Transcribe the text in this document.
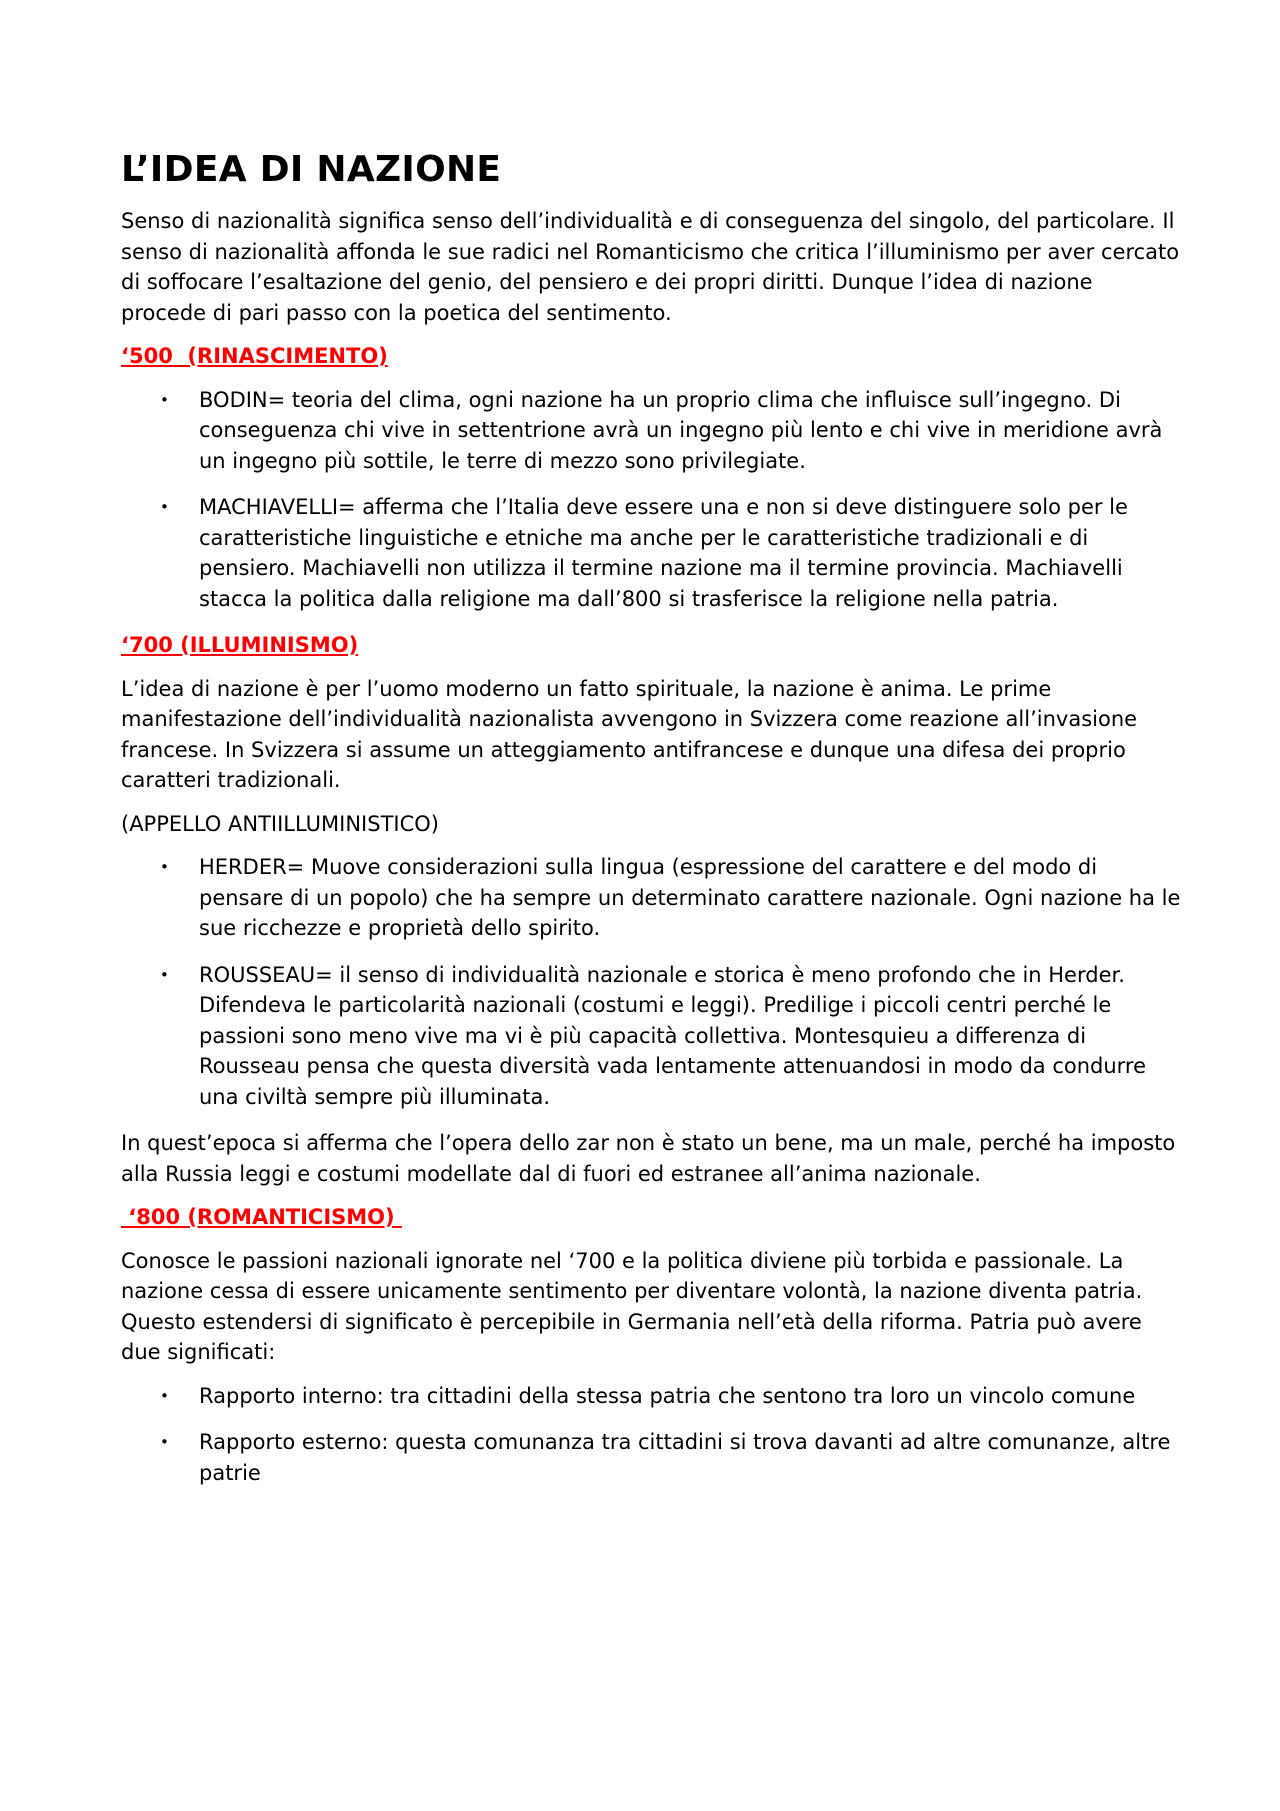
L’IDEA DI NAZIONE

Senso di nazionalità significa senso dell’individualità e di conseguenza del singolo, del particolare. Il senso di nazionalità affonda le sue radici nel Romanticismo che critica l’illuminismo per aver cercato di soffocare l’esaltazione del genio, del pensiero e dei propri diritti. Dunque l’idea di nazione procede di pari passo con la poetica del sentimento.

‘500  (RINASCIMENTO)
• BODIN= teoria del clima, ogni nazione ha un proprio clima che influisce sull’ingegno. Di conseguenza chi vive in settentrione avrà un ingegno più lento e chi vive in meridione avrà un ingegno più sottile, le terre di mezzo sono privilegiate.
• MACHIAVELLI= afferma che l’Italia deve essere una e non si deve distinguere solo per le caratteristiche linguistiche e etniche ma anche per le caratteristiche tradizionali e di pensiero. Machiavelli non utilizza il termine nazione ma il termine provincia. Machiavelli stacca la politica dalla religione ma dall’800 si trasferisce la religione nella patria.
‘700 (ILLUMINISMO)

L’idea di nazione è per l’uomo moderno un fatto spirituale, la nazione è anima. Le prime manifestazione dell’individualità nazionalista avvengono in Svizzera come reazione all’invasione francese. In Svizzera si assume un atteggiamento antifrancese e dunque una difesa dei proprio caratteri tradizionali.

(APPELLO ANTIILLUMINISTICO)

• HERDER= Muove considerazioni sulla lingua (espressione del carattere e del modo di pensare di un popolo) che ha sempre un determinato carattere nazionale. Ogni nazione ha le sue ricchezze e proprietà dello spirito.
• ROUSSEAU= il senso di individualità nazionale e storica è meno profondo che in Herder. Difendeva le particolarità nazionali (costumi e leggi). Predilige i piccoli centri perché le passioni sono meno vive ma vi è più capacità collettiva. Montesquieu a differenza di Rousseau pensa che questa diversità vada lentamente attenuandosi in modo da condurre una civiltà sempre più illuminata.

In quest’epoca si afferma che l’opera dello zar non è stato un bene, ma un male, perché ha imposto alla Russia leggi e costumi modellate dal di fuori ed estranee all’anima nazionale.

‘800 (ROMANTICISMO)

Conosce le passioni nazionali ignorate nel ‘700 e la politica diviene più torbida e passionale. La nazione cessa di essere unicamente sentimento per diventare volontà, la nazione diventa patria. Questo estendersi di significato è percepibile in Germania nell’età della riforma. Patria può avere due significati:

• Rapporto interno: tra cittadini della stessa patria che sentono tra loro un vincolo comune
• Rapporto esterno: questa comunanza tra cittadini si trova davanti ad altre comunanze, altre patrie
